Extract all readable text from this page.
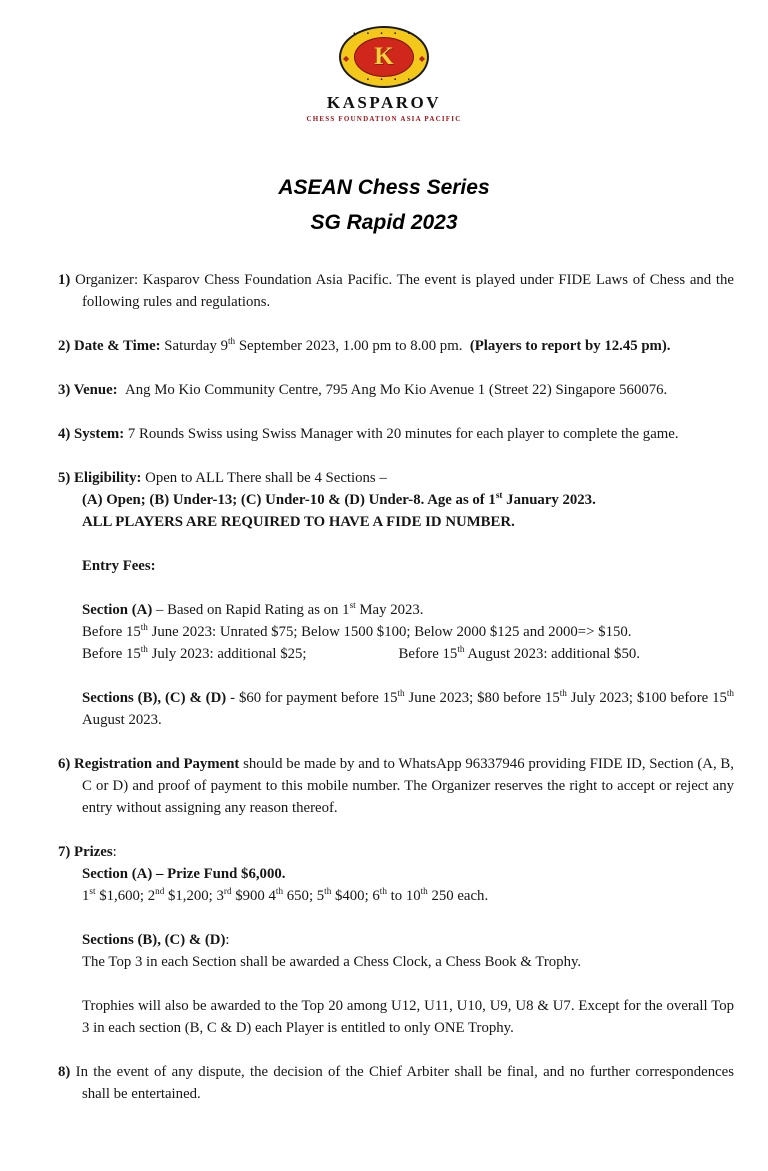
▪ ▪ ▪ ▪ ▪
▪ ▪ ▪ ▪ ▪
◆
◆
K
KASPAROV
CHESS FOUNDATION ASIA PACIFIC
ASEAN Chess Series
SG Rapid 2023

1) Organizer: Kasparov Chess Foundation Asia Pacific. The event is played under FIDE Laws of Chess and the following rules and regulations.

2) Date & Time: Saturday 9th September 2023, 1.00 pm to 8.00 pm.  (Players to report by 12.45 pm).

3) Venue:  Ang Mo Kio Community Centre, 795 Ang Mo Kio Avenue 1 (Street 22) Singapore 560076.

4) System: 7 Rounds Swiss using Swiss Manager with 20 minutes for each player to complete the game.

5) Eligibility: Open to ALL There shall be 4 Sections –

(A) Open; (B) Under-13; (C) Under-10 & (D) Under-8. Age as of 1st January 2023.

ALL PLAYERS ARE REQUIRED TO HAVE A FIDE ID NUMBER.

Entry Fees:

Section (A) – Based on Rapid Rating as on 1st May 2023.

Before 15th June 2023: Unrated $75; Below 1500 $100; Below 2000 $125 and 2000=> $150.

Before 15th July 2023: additional $25;	Before 15th August 2023: additional $50.

Sections (B), (C) & (D) - $60 for payment before 15th June 2023; $80 before 15th July 2023; $100 before 15th August 2023.

6) Registration and Payment should be made by and to WhatsApp 96337946 providing FIDE ID, Section (A, B, C or D) and proof of payment to this mobile number. The Organizer reserves the right to accept or reject any entry without assigning any reason thereof.

7) Prizes:

Section (A) – Prize Fund $6,000.

1st $1,600; 2nd $1,200; 3rd $900 4th 650; 5th $400; 6th to 10th 250 each.

Sections (B), (C) & (D):

The Top 3 in each Section shall be awarded a Chess Clock, a Chess Book & Trophy.

Trophies will also be awarded to the Top 20 among U12, U11, U10, U9, U8 & U7. Except for the overall Top 3 in each section (B, C & D) each Player is entitled to only ONE Trophy.

8) In the event of any dispute, the decision of the Chief Arbiter shall be final, and no further correspondences shall be entertained.
